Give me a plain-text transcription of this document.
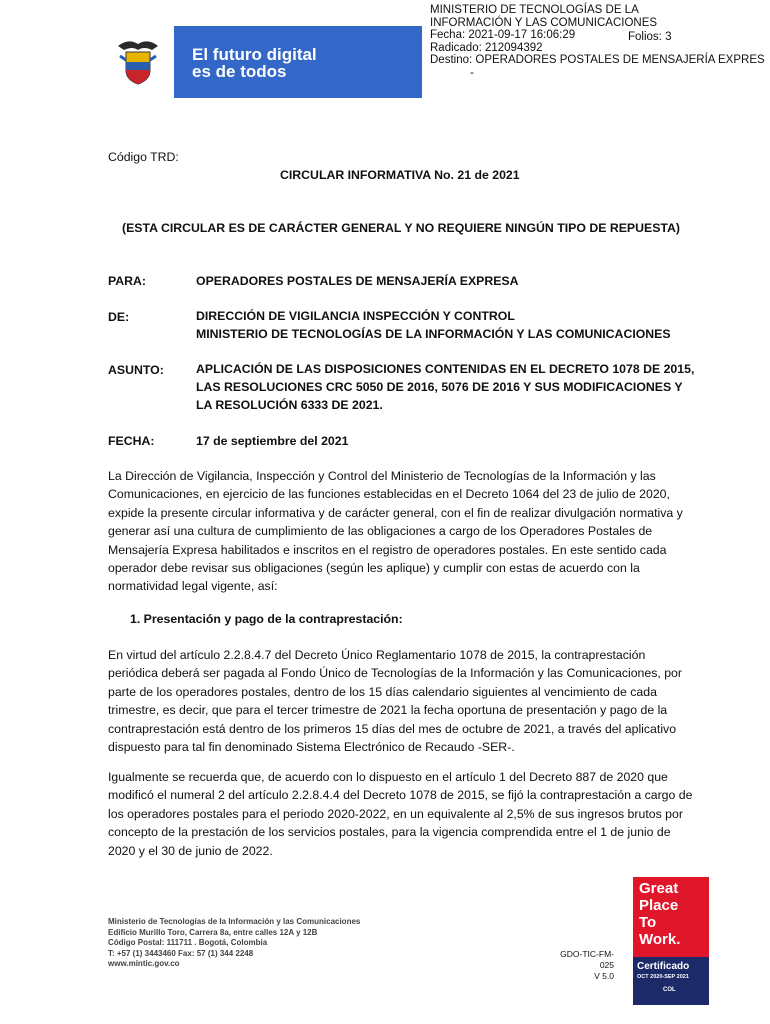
MINISTERIO DE TECNOLOGÍAS DE LA
INFORMACIÓN Y LAS COMUNICACIONES
Fecha: 2021-09-17 16:06:29	Folios: 3
Radicado: 212094392
Destino: OPERADORES POSTALES DE MENSAJERÍA EXPRES
-
El futuro digital
es de todos
Código TRD:
CIRCULAR INFORMATIVA No. 21 de 2021
(ESTA CIRCULAR ES DE CARÁCTER GENERAL Y NO REQUIERE NINGÚN TIPO DE REPUESTA)
PARA:	OPERADORES POSTALES DE MENSAJERÍA EXPRESA
DE:	DIRECCIÓN DE VIGILANCIA INSPECCIÓN Y CONTROL
MINISTERIO DE TECNOLOGÍAS DE LA INFORMACIÓN Y LAS COMUNICACIONES
ASUNTO:	APLICACIÓN DE LAS DISPOSICIONES CONTENIDAS EN EL DECRETO 1078 DE 2015,
LAS RESOLUCIONES CRC 5050 DE 2016, 5076 DE 2016 Y SUS MODIFICACIONES Y
LA RESOLUCIÓN 6333 DE 2021.
FECHA:	17 de septiembre del 2021
La Dirección de Vigilancia, Inspección y Control del Ministerio de Tecnologías de la Información y las
Comunicaciones, en ejercicio de las funciones establecidas en el Decreto 1064 del 23 de julio de 2020,
expide la presente circular informativa y de carácter general, con el fin de realizar divulgación normativa y
generar así una cultura de cumplimiento de las obligaciones a cargo de los Operadores Postales de
Mensajería Expresa habilitados e inscritos en el registro de operadores postales. En este sentido cada
operador debe revisar sus obligaciones (según les aplique) y cumplir con estas de acuerdo con la
normatividad legal vigente, así:
1. Presentación y pago de la contraprestación:
En virtud del artículo 2.2.8.4.7 del Decreto Único Reglamentario 1078 de 2015, la contraprestación
periódica deberá ser pagada al Fondo Único de Tecnologías de la Información y las Comunicaciones, por
parte de los operadores postales, dentro de los 15 días calendario siguientes al vencimiento de cada
trimestre, es decir, que para el tercer trimestre de 2021 la fecha oportuna de presentación y pago de la
contraprestación está dentro de los primeros 15 días del mes de octubre de 2021, a través del aplicativo
dispuesto para tal fin denominado Sistema Electrónico de Recaudo -SER-.
Igualmente se recuerda que, de acuerdo con lo dispuesto en el artículo 1 del Decreto 887 de 2020 que
modificó el numeral 2 del artículo 2.2.8.4.4 del Decreto 1078 de 2015, se fijó la contraprestación a cargo de
los operadores postales para el periodo 2020-2022, en un equivalente al 2,5% de sus ingresos brutos por
concepto de la prestación de los servicios postales, para la vigencia comprendida entre el 1 de junio de
2020 y el 30 de junio de 2022.
Ministerio de Tecnologías de la Información y las Comunicaciones
Edificio Murillo Toro, Carrera 8a, entre calles 12A y 12B
Código Postal: 111711 . Bogotá, Colombia
T: +57 (1) 3443460 Fax: 57 (1) 344 2248
www.mintic.gov.co
GDO-TIC-FM-025
V 5.0
Great
Place
To
Work.
Certificado
OCT 2020-SEP 2021
COL
